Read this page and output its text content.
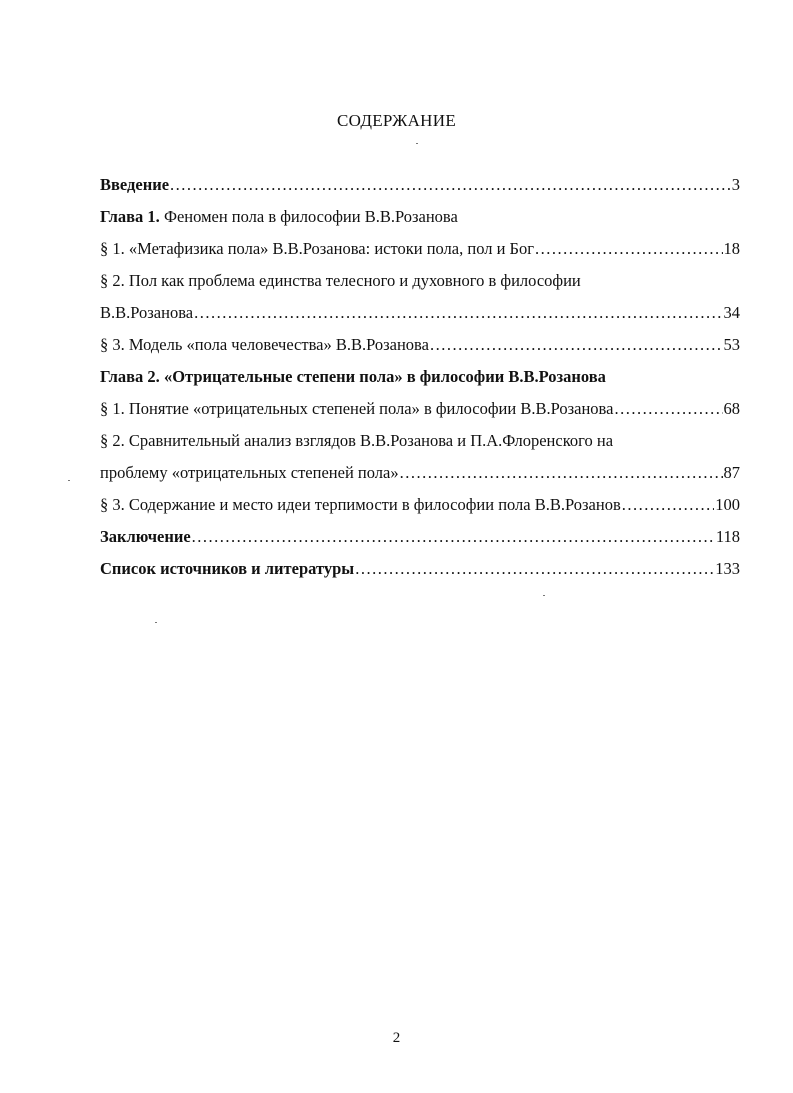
СОДЕРЖАНИЕ
Введение .....	3
Глава 1. Феномен пола в философии В.В.Розанова
§ 1. «Метафизика пола» В.В.Розанова: истоки пола, пол и Бог .....	18
§ 2. Пол как проблема единства телесного и духовного в философии
В.В.Розанова .....	34
§ 3. Модель «пола человечества» В.В.Розанова .....	53
Глава 2. «Отрицательные степени пола» в философии В.В.Розанова
§ 1. Понятие «отрицательных степеней пола» в философии В.В.Розанова .....	68
§ 2. Сравнительный анализ взглядов В.В.Розанова и П.А.Флоренского на
проблему «отрицательных степеней пола» .....	87
§ 3. Содержание и место идеи терпимости в философии пола В.В.Розанов .....	100
Заключение .....	118
Список источников и литературы .....	133
2
